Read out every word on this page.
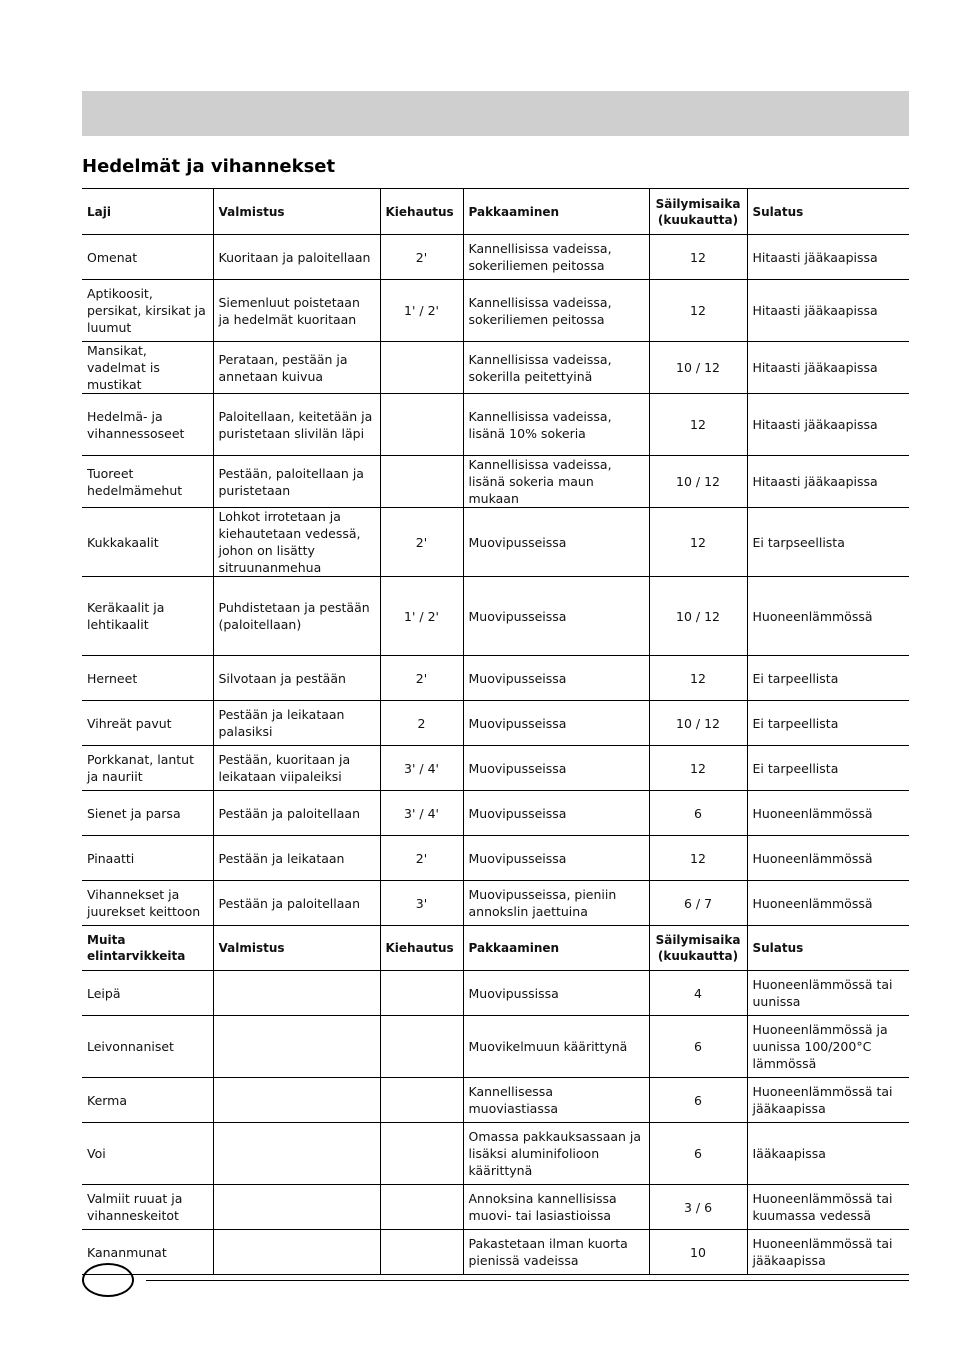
Hedelmät ja vihannekset
Laji	Valmistus	Kiehautus	Pakkaaminen	Säilymisaika (kuukautta)	Sulatus
Omenat	Kuoritaan ja paloitellaan	2'	Kannellisissa vadeissa, sokeriliemen peitossa	12	Hitaasti jääkaapissa
Aptikoosit, persikat, kirsikat ja luumut	Siemenluut poistetaan ja hedelmät kuoritaan	1' / 2'	Kannellisissa vadeissa, sokeriliemen peitossa	12	Hitaasti jääkaapissa
Mansikat, vadelmat is mustikat	Perataan, pestään ja annetaan kuivua		Kannellisissa vadeissa, sokerilla peitettyinä	10 / 12	Hitaasti jääkaapissa
Hedelmä- ja vihannessoseet	Paloitellaan, keitetään ja puristetaan slivilän läpi		Kannellisissa vadeissa, lisänä 10% sokeria	12	Hitaasti jääkaapissa
Tuoreet hedelmämehut	Pestään, paloitellaan ja puristetaan		Kannellisissa vadeissa, lisänä sokeria maun mukaan	10 / 12	Hitaasti jääkaapissa
Kukkakaalit	Lohkot irrotetaan ja kiehautetaan vedessä, johon on lisätty sitruunanmehua	2'	Muovipusseissa	12	Ei tarpseellista
Keräkaalit ja lehtikaalit	Puhdistetaan ja pestään (paloitellaan)	1' / 2'	Muovipusseissa	10 / 12	Huoneenlämmössä
Herneet	Silvotaan ja pestään	2'	Muovipusseissa	12	Ei tarpeellista
Vihreät pavut	Pestään ja leikataan palasiksi	2	Muovipusseissa	10 / 12	Ei tarpeellista
Porkkanat, lantut ja nauriit	Pestään, kuoritaan ja leikataan viipaleiksi	3' / 4'	Muovipusseissa	12	Ei tarpeellista
Sienet ja parsa	Pestään ja paloitellaan	3' / 4'	Muovipusseissa	6	Huoneenlämmössä
Pinaatti	Pestään ja leikataan	2'	Muovipusseissa	12	Huoneenlämmössä
Vihannekset ja juurekset keittoon	Pestään ja paloitellaan	3'	Muovipusseissa, pieniin annokslin jaettuina	6 / 7	Huoneenlämmössä
Muita elintarvikkeita	Valmistus	Kiehautus	Pakkaaminen	Säilymisaika (kuukautta)	Sulatus
Leipä			Muovipussissa	4	Huoneenlämmössä tai uunissa
Leivonnaniset			Muovikelmuun käärittynä	6	Huoneenlämmössä ja uunissa 100/200°C lämmössä
Kerma			Kannellisessa muoviastiassa	6	Huoneenlämmössä tai jääkaapissa
Voi			Omassa pakkauksassaan ja lisäksi aluminifolioon käärittynä	6	Iääkaapissa
Valmiit ruuat ja vihanneskeitot			Annoksina kannellisissa muovi- tai lasiastioissa	3 / 6	Huoneenlämmössä tai kuumassa vedessä
Kananmunat			Pakastetaan ilman kuorta pienissä vadeissa	10	Huoneenlämmössä tai jääkaapissa
